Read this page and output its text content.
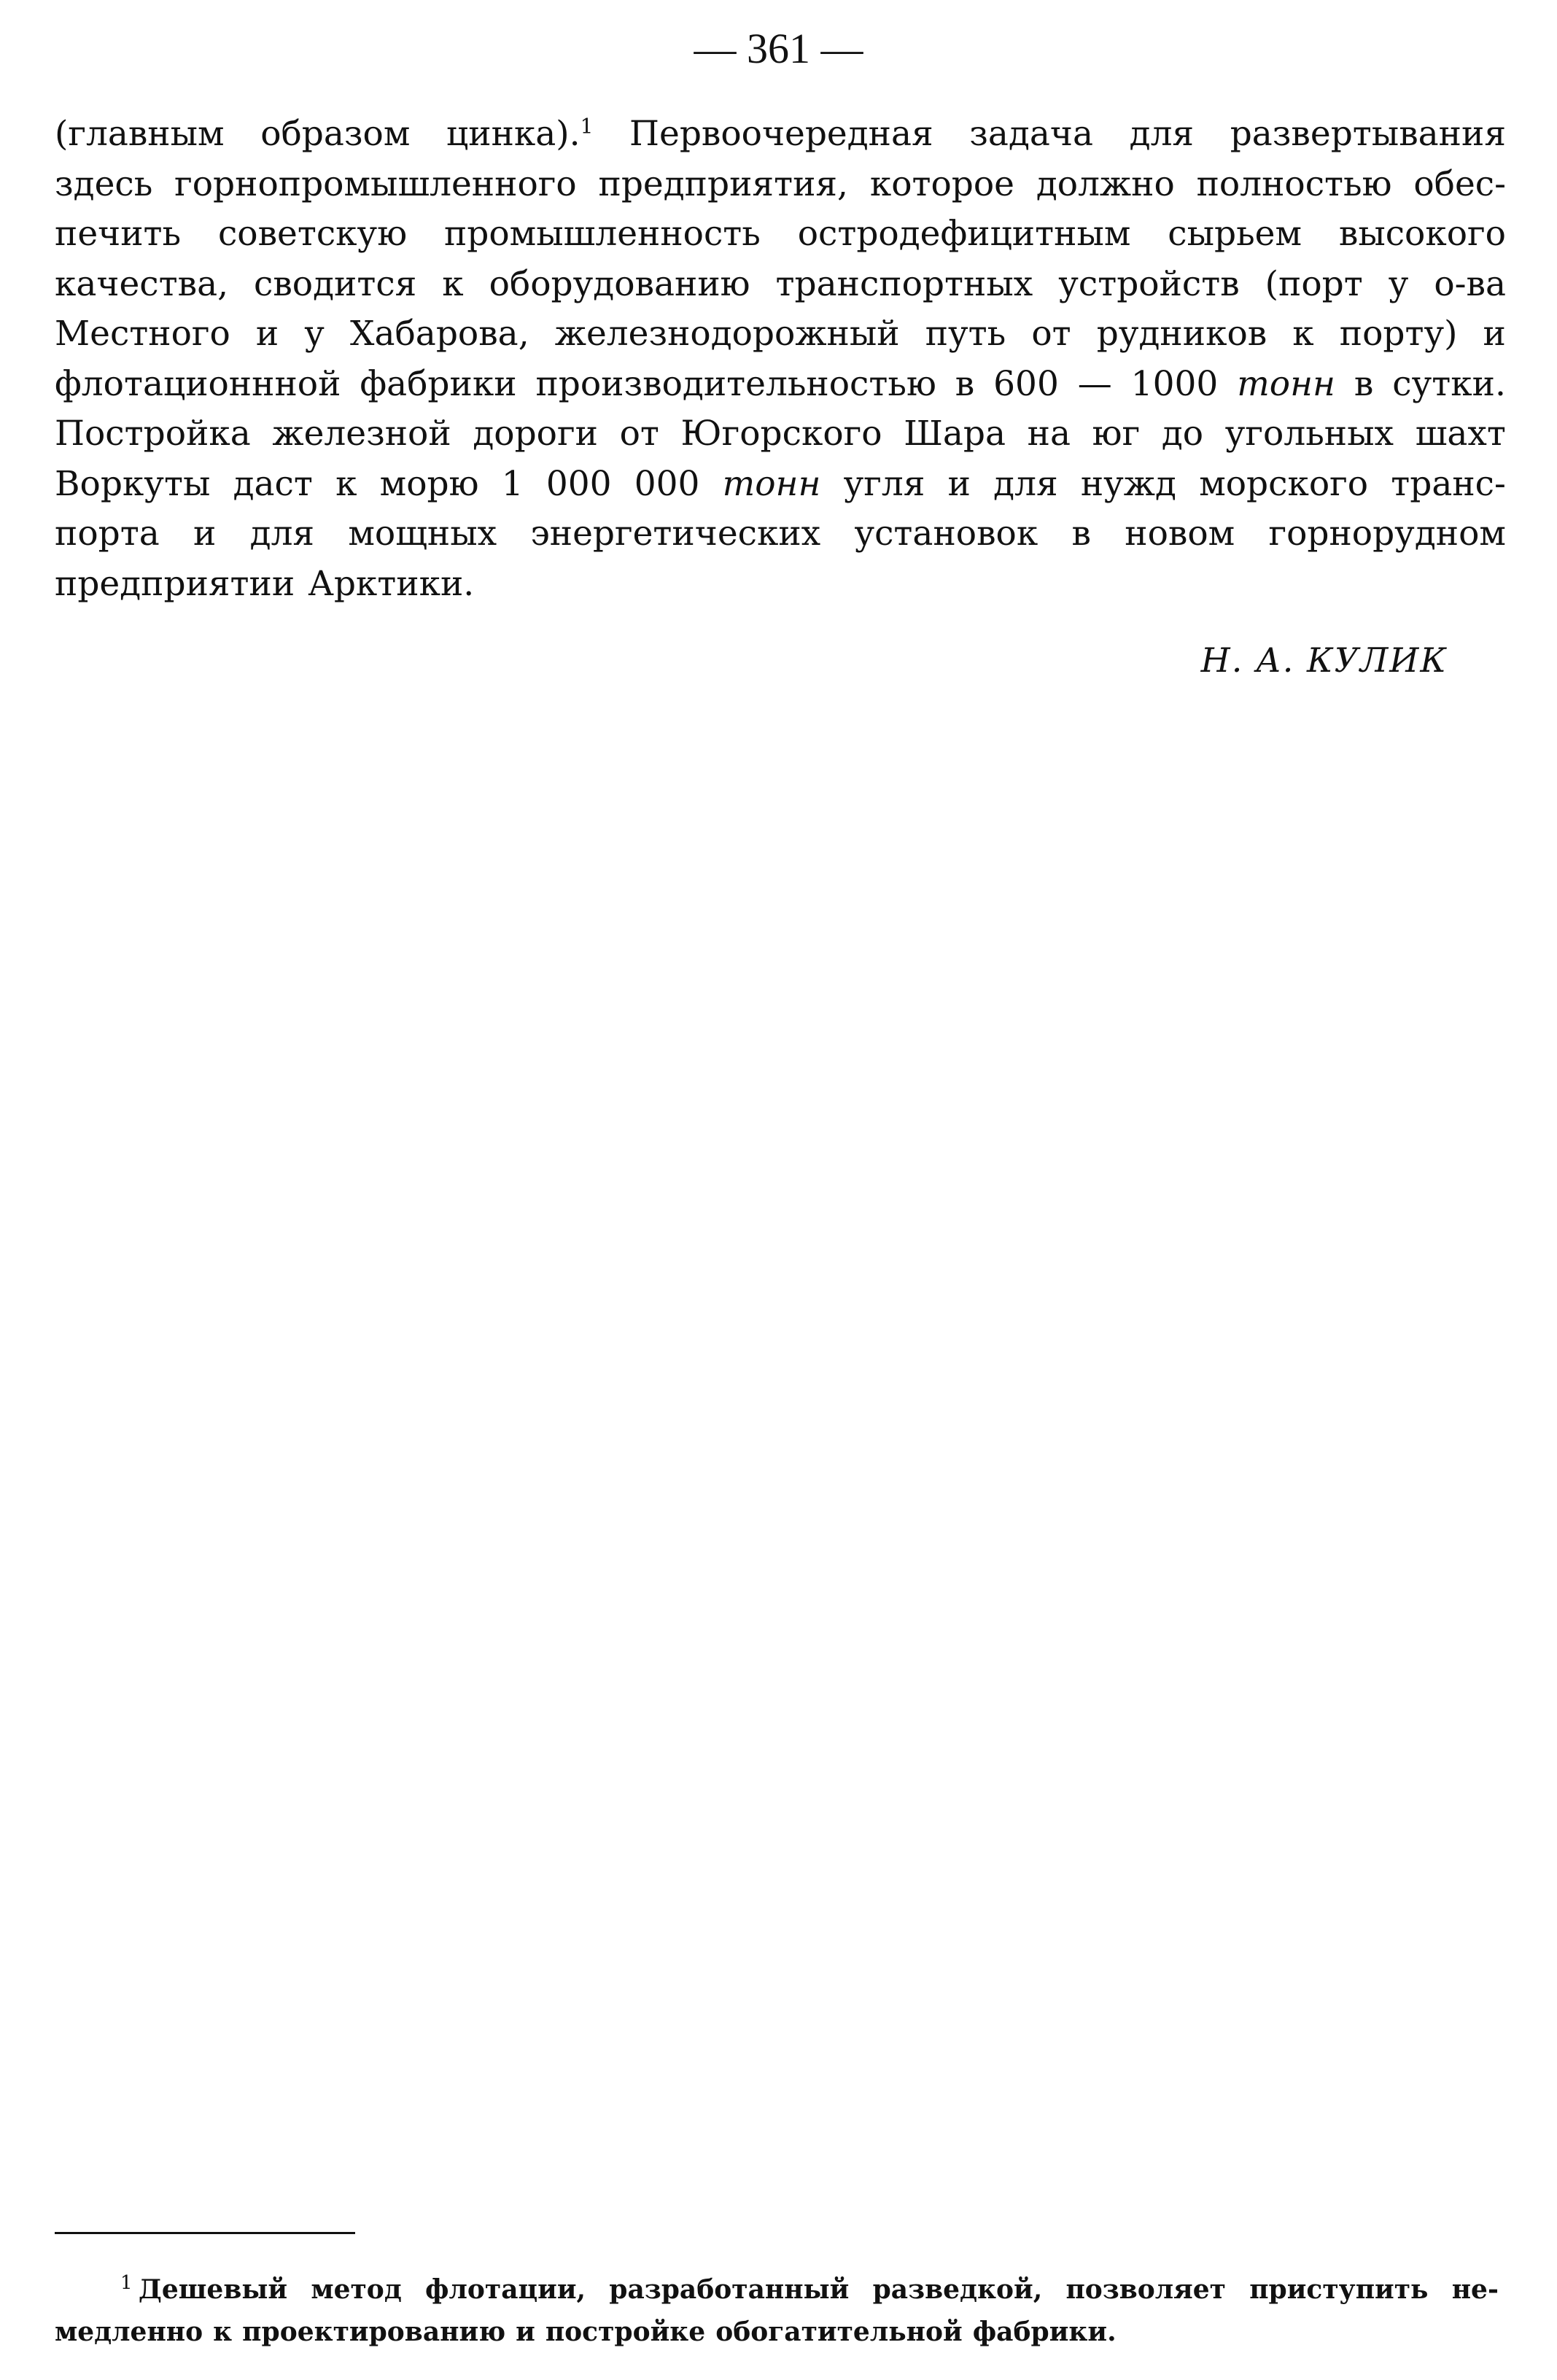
— 361 —
(главным образом цинка).$^1$ Первоочередная задача для развертывания
здесь горнопромышленного предприятия, которое должно полностью обес-
печить советскую промышленность остродефицитным сырьем высокого
качества, сводится к оборудованию транспортных устройств (порт у о-ва
Местного и у Хабарова, железнодорожный путь от рудников к порту) и
флотационнной фабрики производительностью в 600 — 1000 тонн в сутки.
Постройка железной дороги от Югорского Шара на юг до угольных шахт
Воркуты даст к морю 1 000 000 тонн угля и для нужд морского транс-
порта и для мощных энергетических установок в новом горнорудном
предприятии Арктики.
Н. А. КУЛИК
$^1$ Дешевый метод флотации, разработанный разведкой, позволяет приступить не-
медленно к проектированию и постройке обогатительной фабрики.
